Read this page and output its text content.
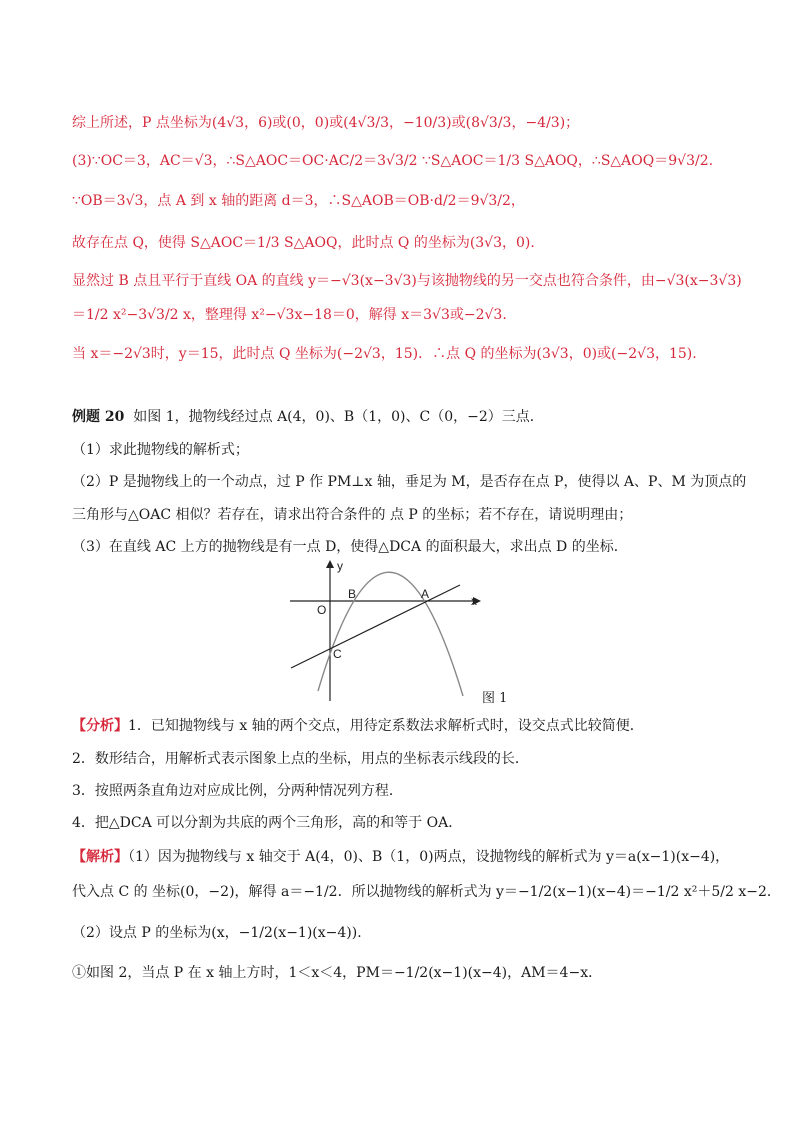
综上所述，P 点坐标为(4√3，6)或(0，0)或(4√3/3，−10/3)或(8√3/3，−4/3)；
(3)∵OC＝3，AC＝√3，∴S△AOC＝OC·AC/2＝3√3/2 ∵S△AOC＝1/3 S△AOQ，∴S△AOQ＝9√3/2.
∵OB＝3√3，点 A 到 x 轴的距离 d＝3，∴S△AOB＝OB·d/2＝9√3/2，
故存在点 Q，使得 S△AOC＝1/3 S△AOQ，此时点 Q 的坐标为(3√3，0).
显然过 B 点且平行于直线 OA 的直线 y＝−√3(x−3√3)与该抛物线的另一交点也符合条件，由−√3(x−3√3)
＝1/2 x²−3√3/2 x，整理得 x²−√3x−18＝0，解得 x＝3√3或−2√3.
当 x＝−2√3时，y＝15，此时点 Q 坐标为(−2√3，15)．∴点 Q 的坐标为(3√3，0)或(−2√3，15).
例题 20 如图 1，抛物线经过点 A(4，0)、B（1，0)、C（0，−2）三点．
（1）求此抛物线的解析式；
（2）P 是抛物线上的一个动点，过 P 作 PM⊥x 轴，垂足为 M，是否存在点 P，使得以 A、P、M 为顶点的
三角形与△OAC 相似？若存在，请求出符合条件的 点 P 的坐标；若不存在，请说明理由；
（3）在直线 AC 上方的抛物线是有一点 D，使得△DCA 的面积最大，求出点 D 的坐标．
y
x
O
B	A
C
图 1
【分析】1．已知抛物线与 x 轴的两个交点，用待定系数法求解析式时，设交点式比较简便．
2．数形结合，用解析式表示图象上点的坐标，用点的坐标表示线段的长．
3．按照两条直角边对应成比例，分两种情况列方程．
4．把△DCA 可以分割为共底的两个三角形，高的和等于 OA．
【解析】（1）因为抛物线与 x 轴交于 A(4，0)、B（1，0)两点，设抛物线的解析式为 y＝a(x−1)(x−4)，
代入点 C 的 坐标(0，−2)，解得 a＝−1/2．所以抛物线的解析式为 y＝−1/2(x−1)(x−4)＝−1/2 x²＋5/2 x−2．
（2）设点 P 的坐标为(x，−1/2(x−1)(x−4))．
①如图 2，当点 P 在 x 轴上方时，1＜x＜4，PM＝−1/2(x−1)(x−4)，AM＝4−x．
